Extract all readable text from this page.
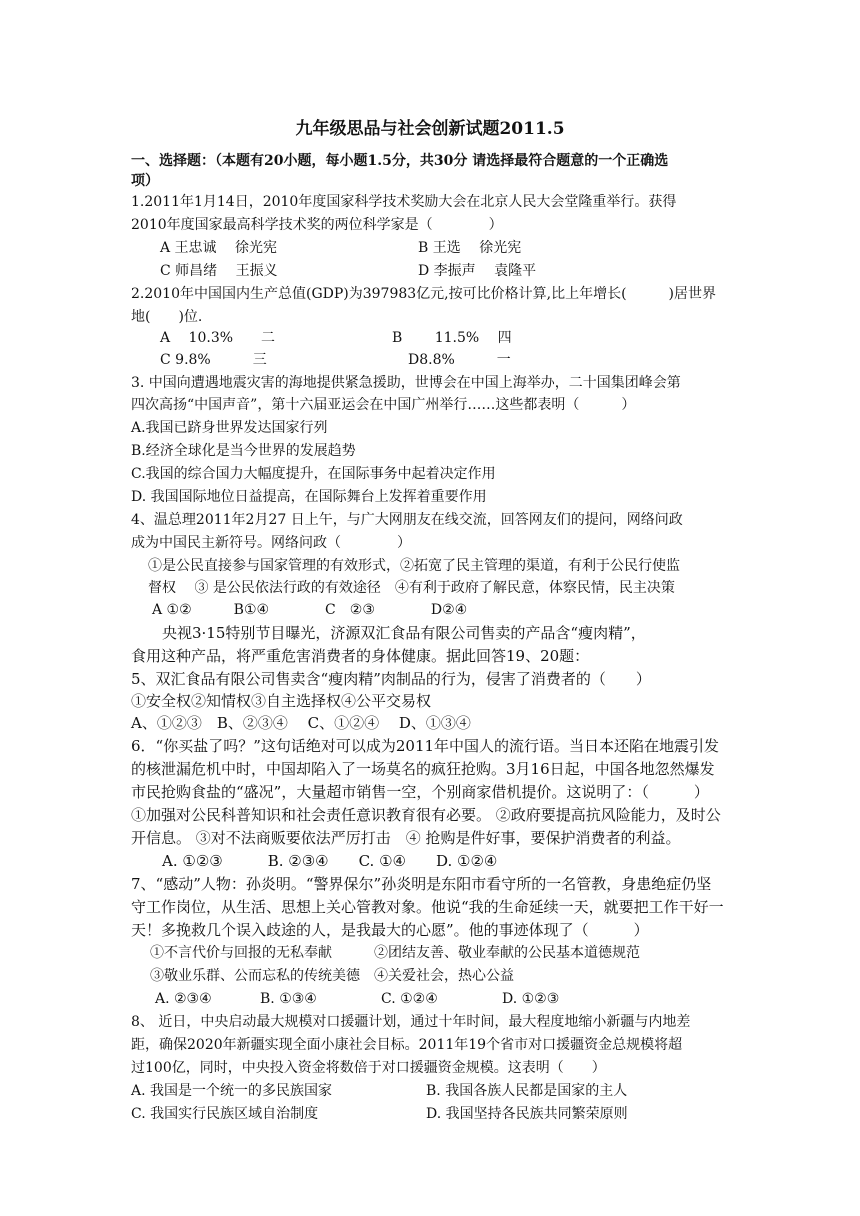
九年级思品与社会创新试题2011.5
一、选择题：（本题有20小题，每小题1.5分，共30分 请选择最符合题意的一个正确选
项）
1.2011年1月14日，2010年度国家科学技术奖励大会在北京人民大会堂隆重举行。获得
2010年度国家最高科学技术奖的两位科学家是（　　　　）
A 王忠诚　 徐光宪	B 王选　 徐光宪
C 师昌绪　 王振义	D 李振声　 袁隆平
2.2010年中国国内生产总值(GDP)为397983亿元,按可比价格计算,比上年增长(　　　)居世界
地(　　)位.
A　 10.3%　　二	B　　 11.5%　 四
C 9.8%　　　三	D8.8%　　　一
3. 中国向遭遇地震灾害的海地提供紧急援助，世博会在中国上海举办，二十国集团峰会第
四次高扬“中国声音”，第十六届亚运会在中国广州举行……这些都表明（　　　）
A.我国已跻身世界发达国家行列
B.经济全球化是当今世界的发展趋势
C.我国的综合国力大幅度提升，在国际事务中起着决定作用
D. 我国国际地位日益提高，在国际舞台上发挥着重要作用
4、温总理2011年2月27 日上午，与广大网朋友在线交流，回答网友们的提问，网络问政
成为中国民主新符号。网络问政（　　　　）
①是公民直接参与国家管理的有效形式，②拓宽了民主管理的渠道，有利于公民行使监
督权　 ③ 是公民依法行政的有效途径　④有利于政府了解民意，体察民情，民主决策
A ①②　　　B①④　　　　C　②③　　　　D②④
央视3·15特别节目曝光，济源双汇食品有限公司售卖的产品含“瘦肉精”，
食用这种产品，将严重危害消费者的身体健康。据此回答19、20题：
5、双汇食品有限公司售卖含“瘦肉精”肉制品的行为，侵害了消费者的（　　）
①安全权②知情权③自主选择权④公平交易权
A、①②③　B、②③④　 C、①②④　 D、①③④
6．“你买盐了吗？”这句话绝对可以成为2011年中国人的流行语。当日本还陷在地震引发
的核泄漏危机中时，中国却陷入了一场莫名的疯狂抢购。3月16日起，中国各地忽然爆发
市民抢购食盐的“盛况”，大量超市销售一空，个别商家借机提价。这说明了：（　　　）
①加强对公民科普知识和社会责任意识教育很有必要。 ②政府要提高抗风险能力，及时公
开信息。 ③对不法商贩要依法严厉打击　④ 抢购是件好事，要保护消费者的利益。
A. ①②③　　　B. ②③④　　C. ①④　　D. ①②④
7、“感动”人物：孙炎明。“警界保尔”孙炎明是东阳市看守所的一名管教，身患绝症仍坚
守工作岗位，从生活、思想上关心管教对象。他说“我的生命延续一天，就要把工作干好一
天！多挽救几个误入歧途的人，是我最大的心愿”。他的事迹体现了（　　　）
①不言代价与回报的无私奉献　　　②团结友善、敬业奉献的公民基本道德规范
③敬业乐群、公而忘私的传统美德　④关爱社会，热心公益
A. ②③④	B. ①③④	C. ①②④	D. ①②③
8、 近日，中央启动最大规模对口援疆计划，通过十年时间，最大程度地缩小新疆与内地差
距，确保2020年新疆实现全面小康社会目标。2011年19个省市对口援疆资金总规模将超
过100亿，同时，中央投入资金将数倍于对口援疆资金规模。这表明（　　）
A. 我国是一个统一的多民族国家	B. 我国各族人民都是国家的主人
C. 我国实行民族区域自治制度	D. 我国坚持各民族共同繁荣原则
